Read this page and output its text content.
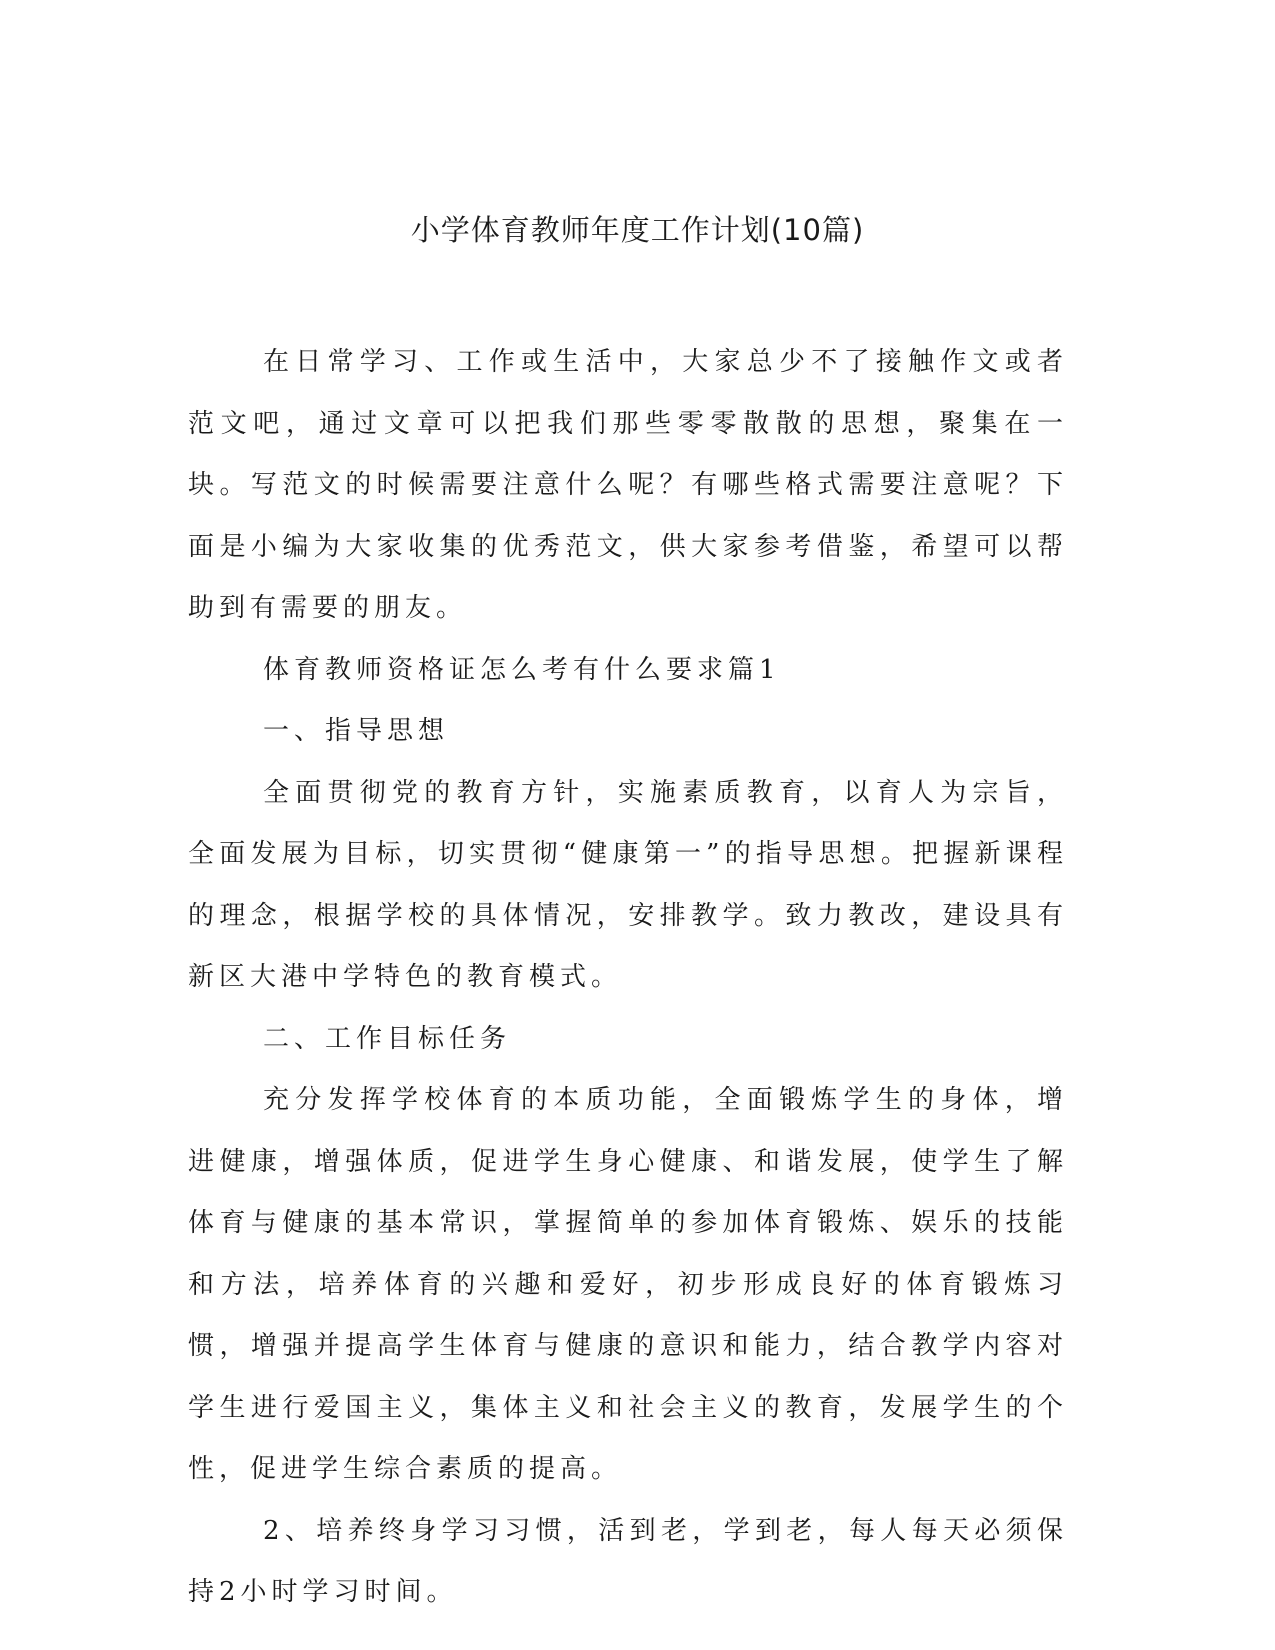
小学体育教师年度工作计划(10篇)

在日常学习、工作或生活中，大家总少不了接触作文或者范文吧，通过文章可以把我们那些零零散散的思想，聚集在一块。写范文的时候需要注意什么呢？有哪些格式需要注意呢？下面是小编为大家收集的优秀范文，供大家参考借鉴，希望可以帮助到有需要的朋友。

体育教师资格证怎么考有什么要求篇1

一、指导思想

全面贯彻党的教育方针，实施素质教育，以育人为宗旨，全面发展为目标，切实贯彻“健康第一”的指导思想。把握新课程的理念，根据学校的具体情况，安排教学。致力教改，建设具有新区大港中学特色的教育模式。

二、工作目标任务

充分发挥学校体育的本质功能，全面锻炼学生的身体，增进健康，增强体质，促进学生身心健康、和谐发展，使学生了解体育与健康的基本常识，掌握简单的参加体育锻炼、娱乐的技能和方法，培养体育的兴趣和爱好，初步形成良好的体育锻炼习惯，增强并提高学生体育与健康的意识和能力，结合教学内容对学生进行爱国主义，集体主义和社会主义的教育，发展学生的个性，促进学生综合素质的提高。

2、培养终身学习习惯，活到老，学到老，每人每天必须保持2小时学习时间。
